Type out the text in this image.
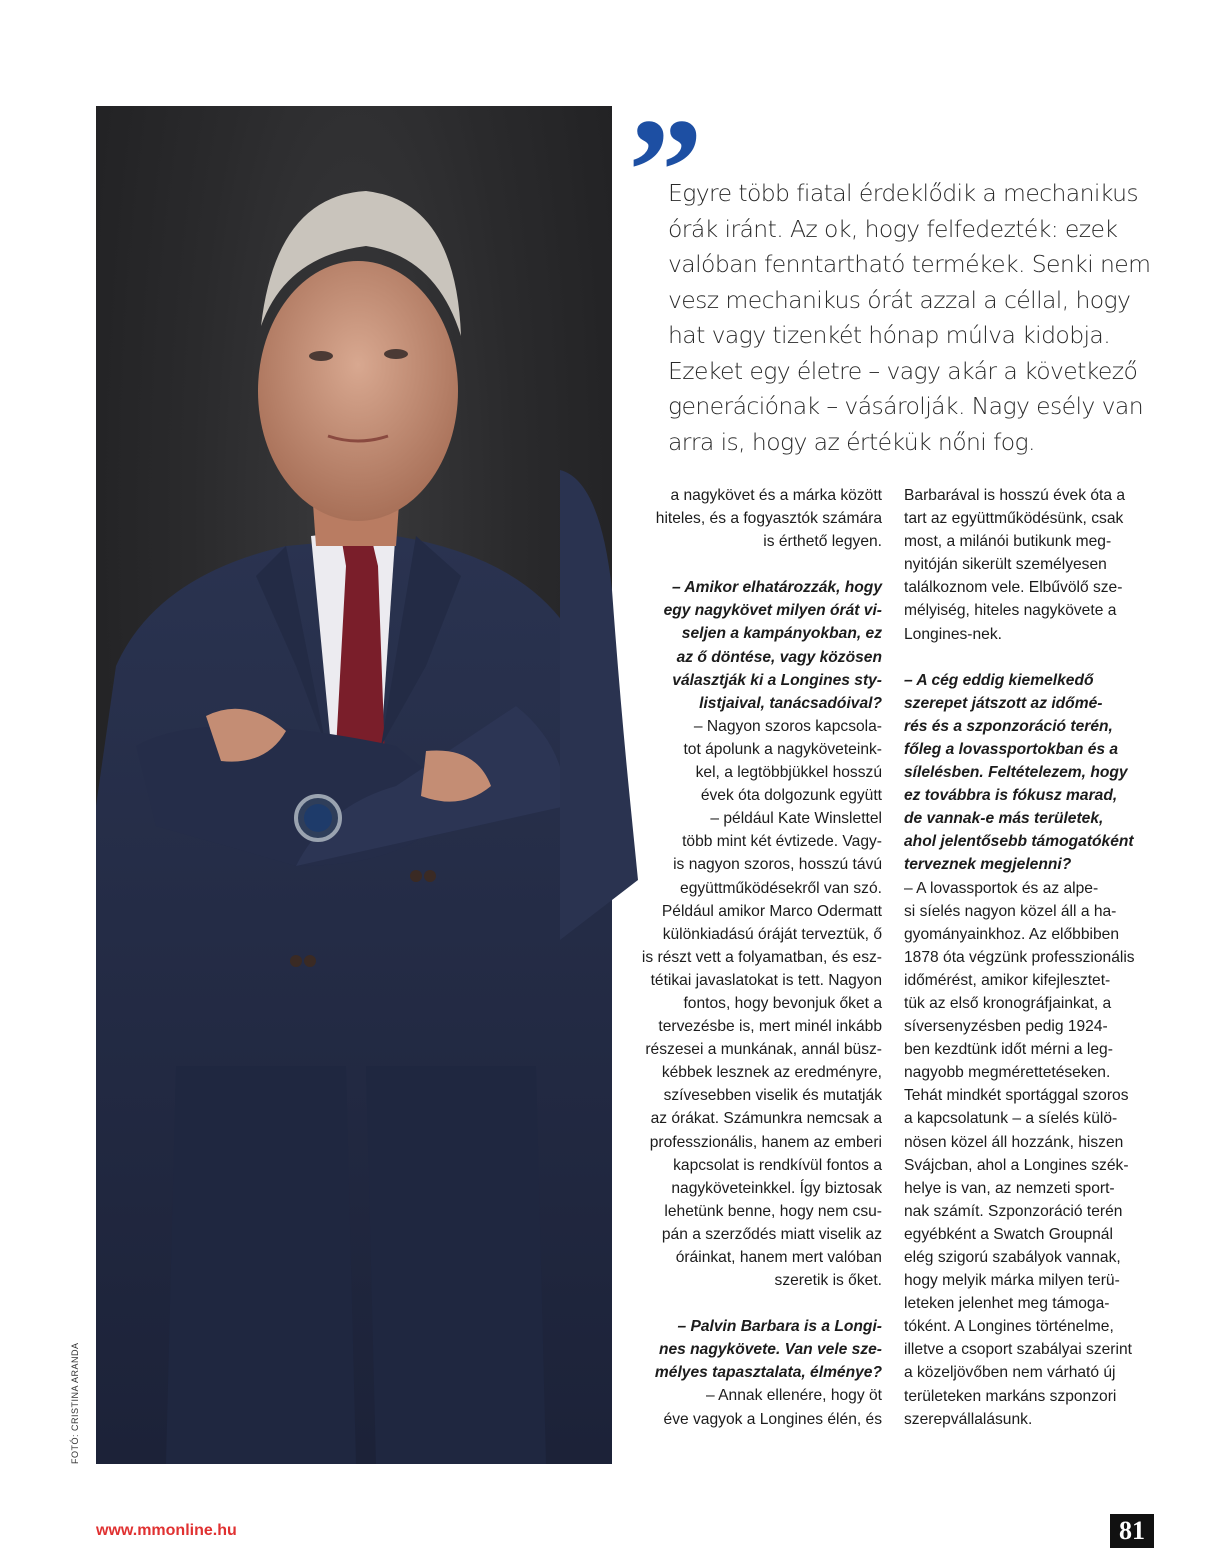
FOTÓ: CRISTINA ARANDA
”
Egyre több fiatal érdeklődik a mechanikus
órák iránt. Az ok, hogy felfedezték: ezek
valóban fenntartható termékek. Senki nem
vesz mechanikus órát azzal a céllal, hogy
hat vagy tizenkét hónap múlva kidobja.
Ezeket egy életre – vagy akár a következő
generációnak – vásárolják. Nagy esély van
arra is, hogy az értékük nőni fog.
a nagykövet és a márka között
hiteles, és a fogyasztók számára
is érthető legyen.
– Amikor elhatározzák, hogy
egy nagykövet milyen órát vi-
seljen a kampányokban, ez
az ő döntése, vagy közösen
választják ki a Longines sty-
listjaival, tanácsadóival?
– Nagyon szoros kapcsola-
tot ápolunk a nagyköveteink-
kel, a legtöbbjükkel hosszú
évek óta dolgozunk együtt
– például Kate Winslettel
több mint két évtizede. Vagy-
is nagyon szoros, hosszú távú
együttműködésekről van szó.
Például amikor Marco Odermatt
különkiadású óráját terveztük, ő
is részt vett a folyamatban, és esz-
tétikai javaslatokat is tett. Nagyon
fontos, hogy bevonjuk őket a
tervezésbe is, mert minél inkább
részesei a munkának, annál büsz-
kébbek lesznek az eredményre,
szívesebben viselik és mutatják
az órákat. Számunkra nemcsak a
professzionális, hanem az emberi
kapcsolat is rendkívül fontos a
nagyköveteinkkel. Így biztosak
lehetünk benne, hogy nem csu-
pán a szerződés miatt viselik az
óráinkat, hanem mert valóban
szeretik is őket.
– Palvin Barbara is a Longi-
nes nagykövete. Van vele sze-
mélyes tapasztalata, élménye?
– Annak ellenére, hogy öt
éve vagyok a Longines élén, és
Barbarával is hosszú évek óta a
tart az együttműködésünk, csak
most, a milánói butikunk meg-
nyitóján sikerült személyesen
találkoznom vele. Elbűvölő sze-
mélyiség, hiteles nagykövete a
Longines-nek.
– A cég eddig kiemelkedő
szerepet játszott az időmé-
rés és a szponzoráció terén,
főleg a lovassportokban és a
sílelésben. Feltételezem, hogy
ez továbbra is fókusz marad,
de vannak-e más területek,
ahol jelentősebb támogatóként
terveznek megjelenni?
– A lovassportok és az alpe-
si síelés nagyon közel áll a ha-
gyományainkhoz. Az előbbiben
1878 óta végzünk professzionális
időmérést, amikor kifejlesztet-
tük az első kronográfjainkat, a
síversenyzésben pedig 1924-
ben kezdtünk időt mérni a leg-
nagyobb megmérettetéseken.
Tehát mindkét sportággal szoros
a kapcsolatunk – a síelés külö-
nösen közel áll hozzánk, hiszen
Svájcban, ahol a Longines szék-
helye is van, az nemzeti sport-
nak számít. Szponzoráció terén
egyébként a Swatch Groupnál
elég szigorú szabályok vannak,
hogy melyik márka milyen terü-
leteken jelenhet meg támoga-
tóként. A Longines történelme,
illetve a csoport szabályai szerint
a közeljövőben nem várható új
területeken markáns szponzori
szerepvállalásunk.
www.mmonline.hu	81
